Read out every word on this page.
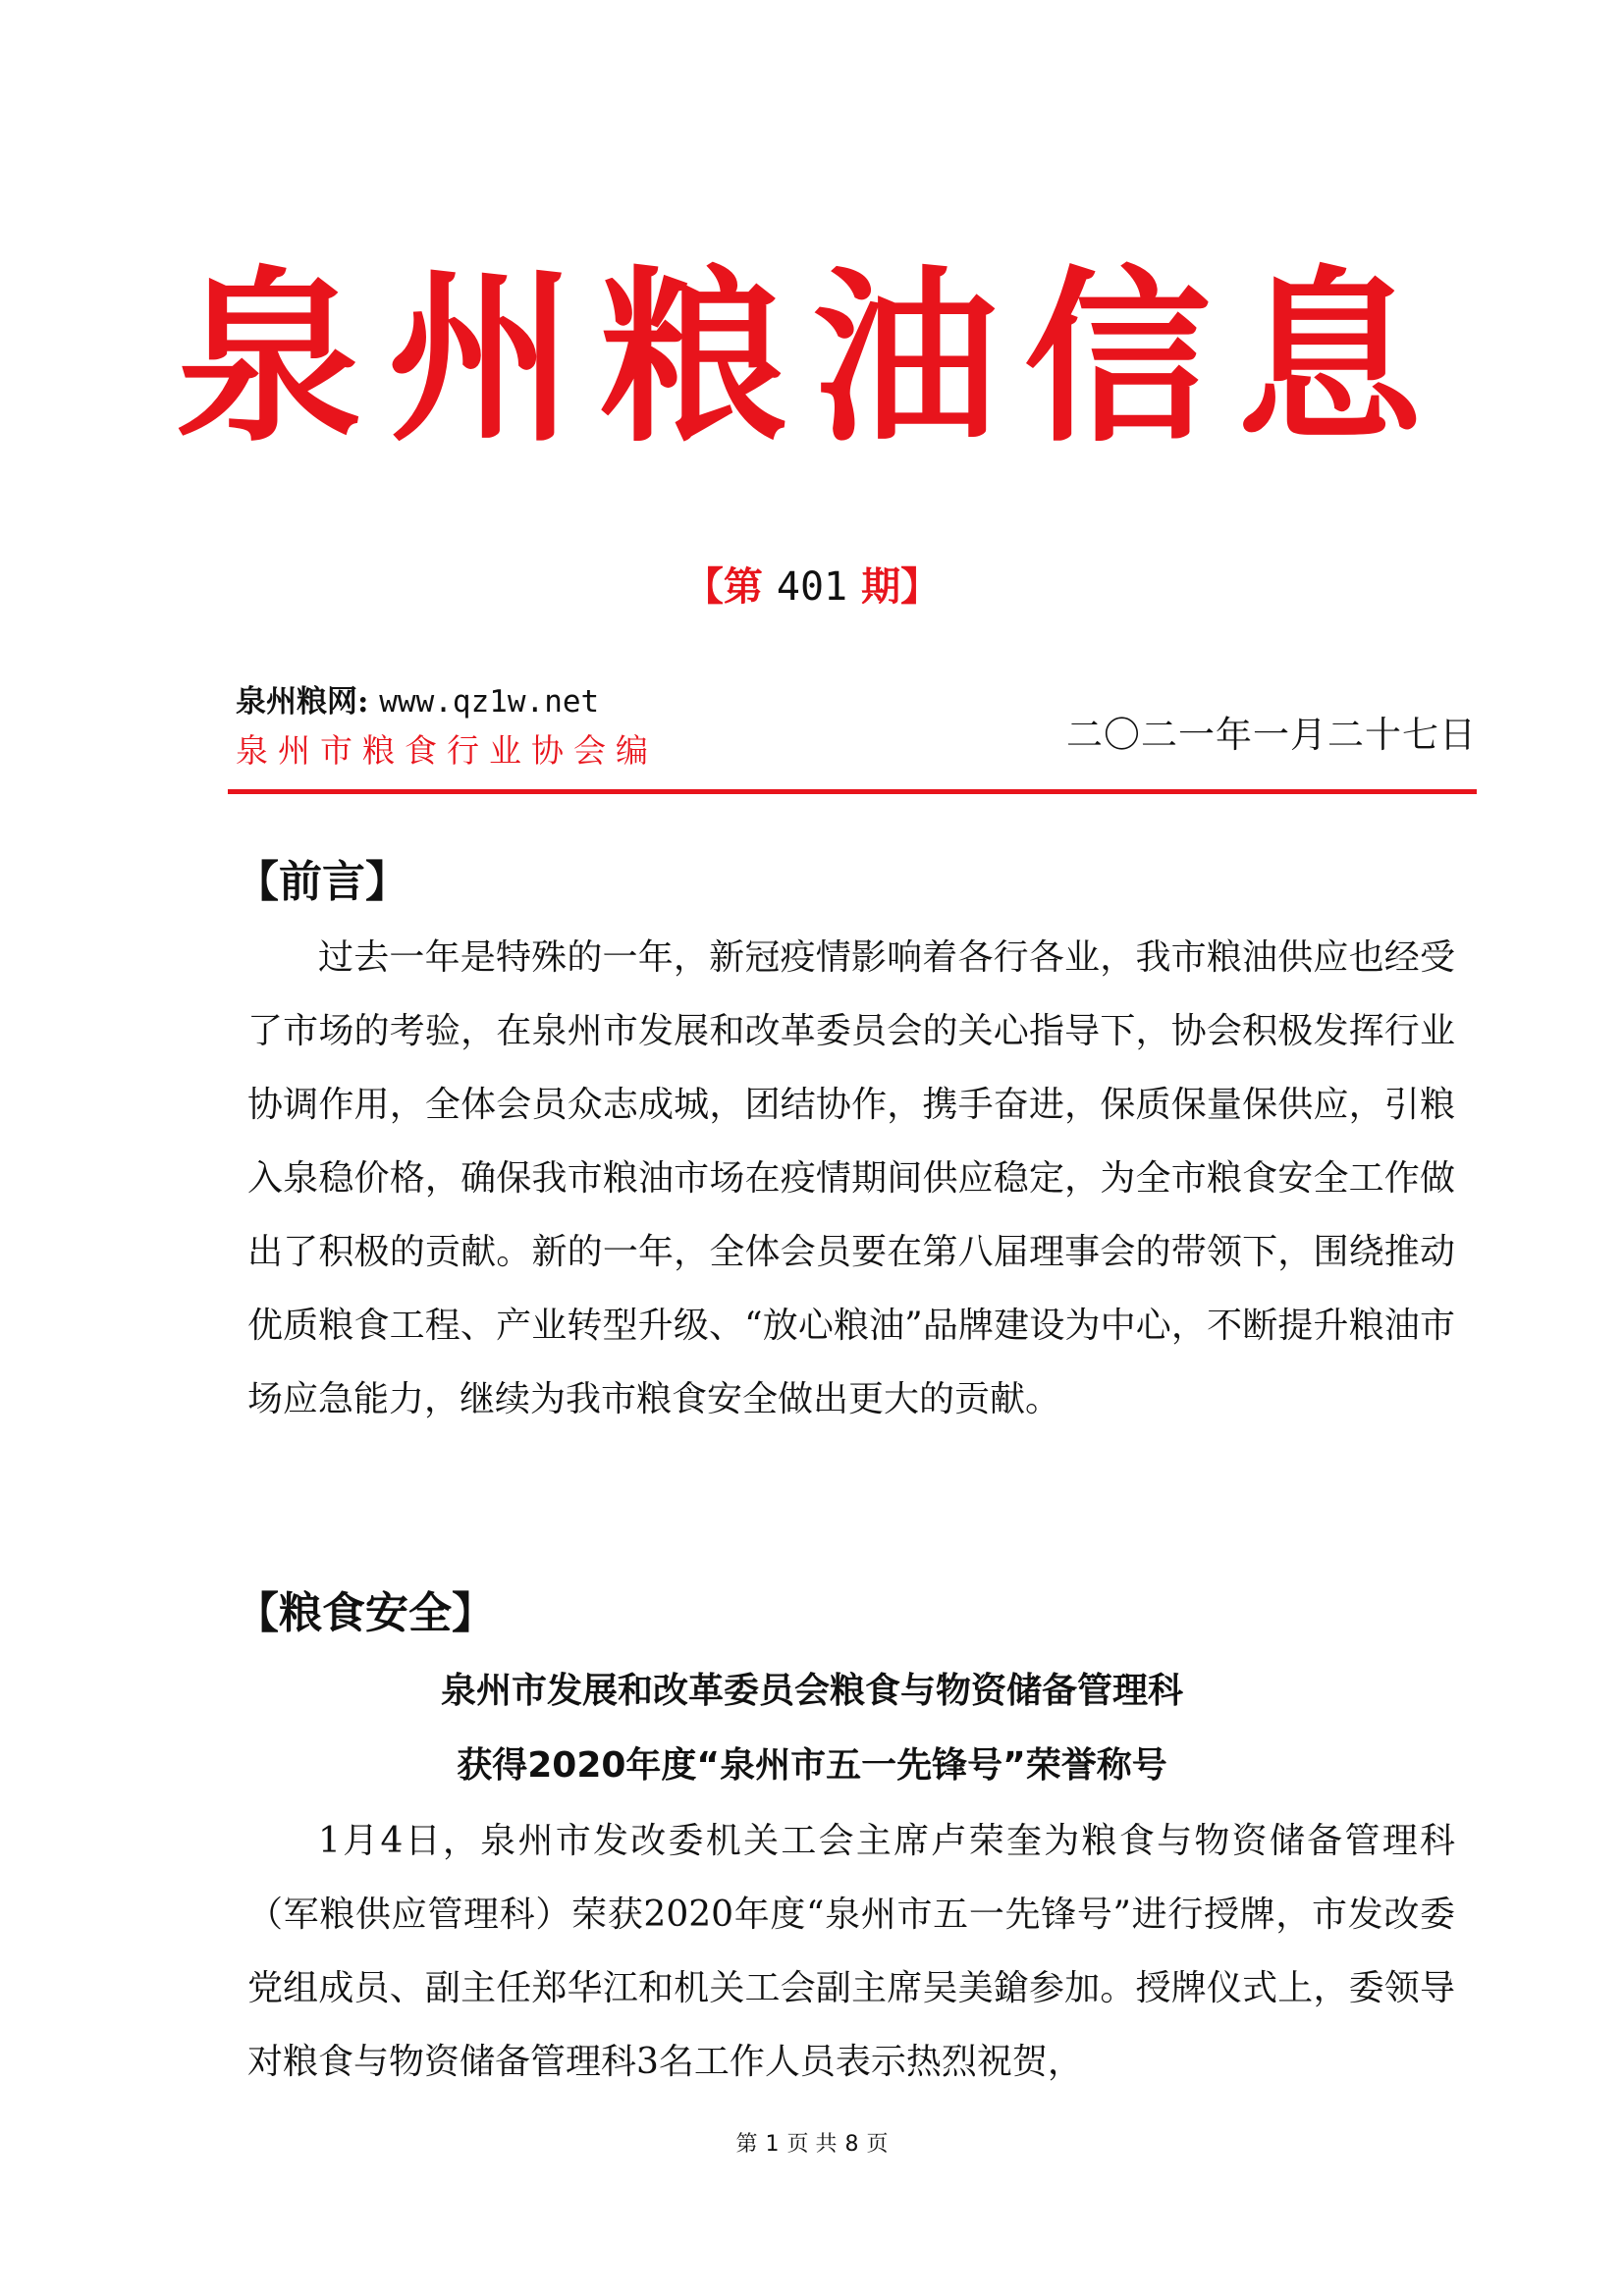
泉州粮油信息
【第 401 期】
泉州粮网: www.qz1w.net
泉州市粮食行业协会编	二〇二一年一月二十七日
【前言】

过去一年是特殊的一年，新冠疫情影响着各行各业，我市粮油供应也经受了市场的考验，在泉州市发展和改革委员会的关心指导下，协会积极发挥行业协调作用，全体会员众志成城，团结协作，携手奋进，保质保量保供应，引粮入泉稳价格，确保我市粮油市场在疫情期间供应稳定，为全市粮食安全工作做出了积极的贡献。新的一年，全体会员要在第八届理事会的带领下，围绕推动优质粮食工程、产业转型升级、“放心粮油”品牌建设为中心，不断提升粮油市场应急能力，继续为我市粮食安全做出更大的贡献。

【粮食安全】
泉州市发展和改革委员会粮食与物资储备管理科
获得2020年度“泉州市五一先锋号”荣誉称号

1月4日，泉州市发改委机关工会主席卢荣奎为粮食与物资储备管理科（军粮供应管理科）荣获2020年度“泉州市五一先锋号”进行授牌，市发改委党组成员、副主任郑华江和机关工会副主席吴美鎗参加。授牌仪式上，委领导对粮食与物资储备管理科3名工作人员表示热烈祝贺，

第 1 页 共 8 页
